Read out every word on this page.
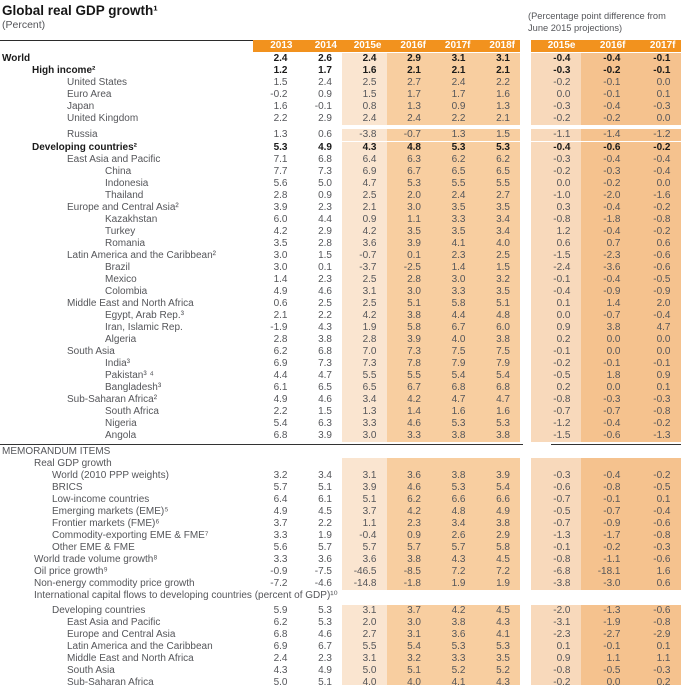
Global real GDP growth¹
(Percent)
(Percentage point difference from June 2015 projections)
2013	2014	2015e	2016f	2017f	2018f	2015e	2016f	2017f
World	2.4	2.6	2.4	2.9	3.1	3.1	-0.4	-0.4	-0.1
High income²	1.2	1.7	1.6	2.1	2.1	2.1	-0.3	-0.2	-0.1
United States	1.5	2.4	2.5	2.7	2.4	2.2	-0.2	-0.1	0.0
Euro Area	-0.2	0.9	1.5	1.7	1.7	1.6	0.0	-0.1	0.1
Japan	1.6	-0.1	0.8	1.3	0.9	1.3	-0.3	-0.4	-0.3
United Kingdom	2.2	2.9	2.4	2.4	2.2	2.1	-0.2	-0.2	0.0
Russia	1.3	0.6	-3.8	-0.7	1.3	1.5	-1.1	-1.4	-1.2
Developing countries²	5.3	4.9	4.3	4.8	5.3	5.3	-0.4	-0.6	-0.2
East Asia and Pacific	7.1	6.8	6.4	6.3	6.2	6.2	-0.3	-0.4	-0.4
China	7.7	7.3	6.9	6.7	6.5	6.5	-0.2	-0.3	-0.4
Indonesia	5.6	5.0	4.7	5.3	5.5	5.5	0.0	-0.2	0.0
Thailand	2.8	0.9	2.5	2.0	2.4	2.7	-1.0	-2.0	-1.6
Europe and Central Asia²	3.9	2.3	2.1	3.0	3.5	3.5	0.3	-0.4	-0.2
Kazakhstan	6.0	4.4	0.9	1.1	3.3	3.4	-0.8	-1.8	-0.8
Turkey	4.2	2.9	4.2	3.5	3.5	3.4	1.2	-0.4	-0.2
Romania	3.5	2.8	3.6	3.9	4.1	4.0	0.6	0.7	0.6
Latin America and the Caribbean²	3.0	1.5	-0.7	0.1	2.3	2.5	-1.5	-2.3	-0.6
Brazil	3.0	0.1	-3.7	-2.5	1.4	1.5	-2.4	-3.6	-0.6
Mexico	1.4	2.3	2.5	2.8	3.0	3.2	-0.1	-0.4	-0.5
Colombia	4.9	4.6	3.1	3.0	3.3	3.5	-0.4	-0.9	-0.9
Middle East and North Africa	0.6	2.5	2.5	5.1	5.8	5.1	0.1	1.4	2.0
Egypt, Arab Rep.³	2.1	2.2	4.2	3.8	4.4	4.8	0.0	-0.7	-0.4
Iran, Islamic Rep.	-1.9	4.3	1.9	5.8	6.7	6.0	0.9	3.8	4.7
Algeria	2.8	3.8	2.8	3.9	4.0	3.8	0.2	0.0	0.0
South Asia	6.2	6.8	7.0	7.3	7.5	7.5	-0.1	0.0	0.0
India³	6.9	7.3	7.3	7.8	7.9	7.9	-0.2	-0.1	-0.1
Pakistan³ ⁴	4.4	4.7	5.5	5.5	5.4	5.4	-0.5	1.8	0.9
Bangladesh³	6.1	6.5	6.5	6.7	6.8	6.8	0.2	0.0	0.1
Sub-Saharan Africa²	4.9	4.6	3.4	4.2	4.7	4.7	-0.8	-0.3	-0.3
South Africa	2.2	1.5	1.3	1.4	1.6	1.6	-0.7	-0.7	-0.8
Nigeria	5.4	6.3	3.3	4.6	5.3	5.3	-1.2	-0.4	-0.2
Angola	6.8	3.9	3.0	3.3	3.8	3.8	-1.5	-0.6	-1.3
MEMORANDUM ITEMS
Real GDP growth
World (2010 PPP weights)	3.2	3.4	3.1	3.6	3.8	3.9	-0.3	-0.4	-0.2
BRICS	5.7	5.1	3.9	4.6	5.3	5.4	-0.6	-0.8	-0.5
Low-income countries	6.4	6.1	5.1	6.2	6.6	6.6	-0.7	-0.1	0.1
Emerging markets (EME)⁵	4.9	4.5	3.7	4.2	4.8	4.9	-0.5	-0.7	-0.4
Frontier markets (FME)⁶	3.7	2.2	1.1	2.3	3.4	3.8	-0.7	-0.9	-0.6
Commodity-exporting EME & FME⁷	3.3	1.9	-0.4	0.9	2.6	2.9	-1.3	-1.7	-0.8
Other EME & FME	5.6	5.7	5.7	5.7	5.7	5.8	-0.1	-0.2	-0.3
World trade volume growth⁸	3.3	3.6	3.6	3.8	4.3	4.5	-0.8	-1.1	-0.6
Oil price growth⁹	-0.9	-7.5	-46.5	-8.5	7.2	7.2	-6.8	-18.1	1.6
Non-energy commodity price growth	-7.2	-4.6	-14.8	-1.8	1.9	1.9	-3.8	-3.0	0.6
International capital flows to developing countries (percent of GDP)¹⁰
Developing countries	5.9	5.3	3.1	3.7	4.2	4.5	-2.0	-1.3	-0.6
East Asia and Pacific	6.2	5.3	2.0	3.0	3.8	4.3	-3.1	-1.9	-0.8
Europe and Central Asia	6.8	4.6	2.7	3.1	3.6	4.1	-2.3	-2.7	-2.9
Latin America and the Caribbean	6.9	6.7	5.5	5.4	5.3	5.3	0.1	-0.1	0.1
Middle East and North Africa	2.4	2.3	3.1	3.2	3.3	3.5	0.9	1.1	1.1
South Asia	4.3	4.9	5.0	5.1	5.2	5.2	-0.8	-0.5	-0.3
Sub-Saharan Africa	5.0	5.1	4.0	4.0	4.1	4.3	-0.2	0.0	0.2
